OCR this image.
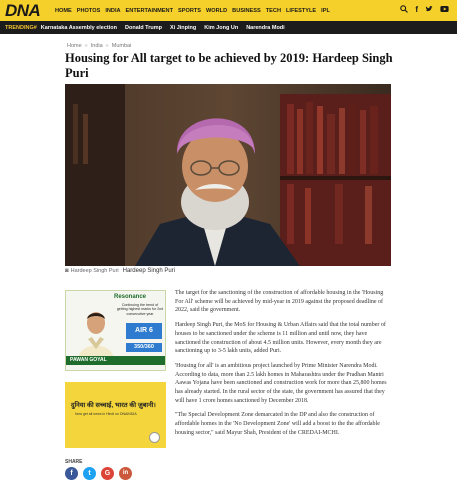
DNA	HOME PHOTOS INDIA ENTERTAINMENT SPORTS WORLD BUSINESS TECH LIFESTYLE IPL	f
TRENDING# Karnataka Assembly election Donald Trump Xi Jinping Kim Jong Un Narendra Modi
Home » India » Mumbai
Housing for All target to be achieved by 2019: Hardeep Singh Puri
◙ Hardeep Singh Puri Hardeep Singh Puri
Resonance
Continuing the trend of getting highest marks for 2nd consecutive year
AIR 6
350/360
PAWAN GOYAL
दुनिया की सच्चाई, भारत की ज़ुबानी।
Now get all news in Hindi on DNAINDIA
SHARE
f	t	G	in

The target for the sanctioning of the construction of affordable housing in the 'Housing For All' scheme will be achieved by mid-year in 2019 against the proposed deadline of 2022, said the government.

Hardeep Singh Puri, the MoS for Housing & Urban Affairs said that the total number of houses to be sanctioned under the scheme is 11 million and until now, they have sanctioned the construction of about 4.5 million units. However, every month they are sanctioning up to 3-5 lakh units, added Puri.

'Housing for all' is an ambitious project launched by Prime Minister Narendra Modi. According to data, more than 2.5 lakh homes in Maharashtra under the Pradhan Mantri Aawas Yojana have been sanctioned and construction work for more than 25,800 homes has already started. In the rural sector of the state, the government has assured that they will have 1 crore homes sanctioned by December 2018.

"The Special Development Zone demarcated in the DP and also the construction of affordable homes in the 'No Development Zone' will add a boost to the the affordable housing sector," said Mayur Shah, President of the CREDAI-MCHI.
